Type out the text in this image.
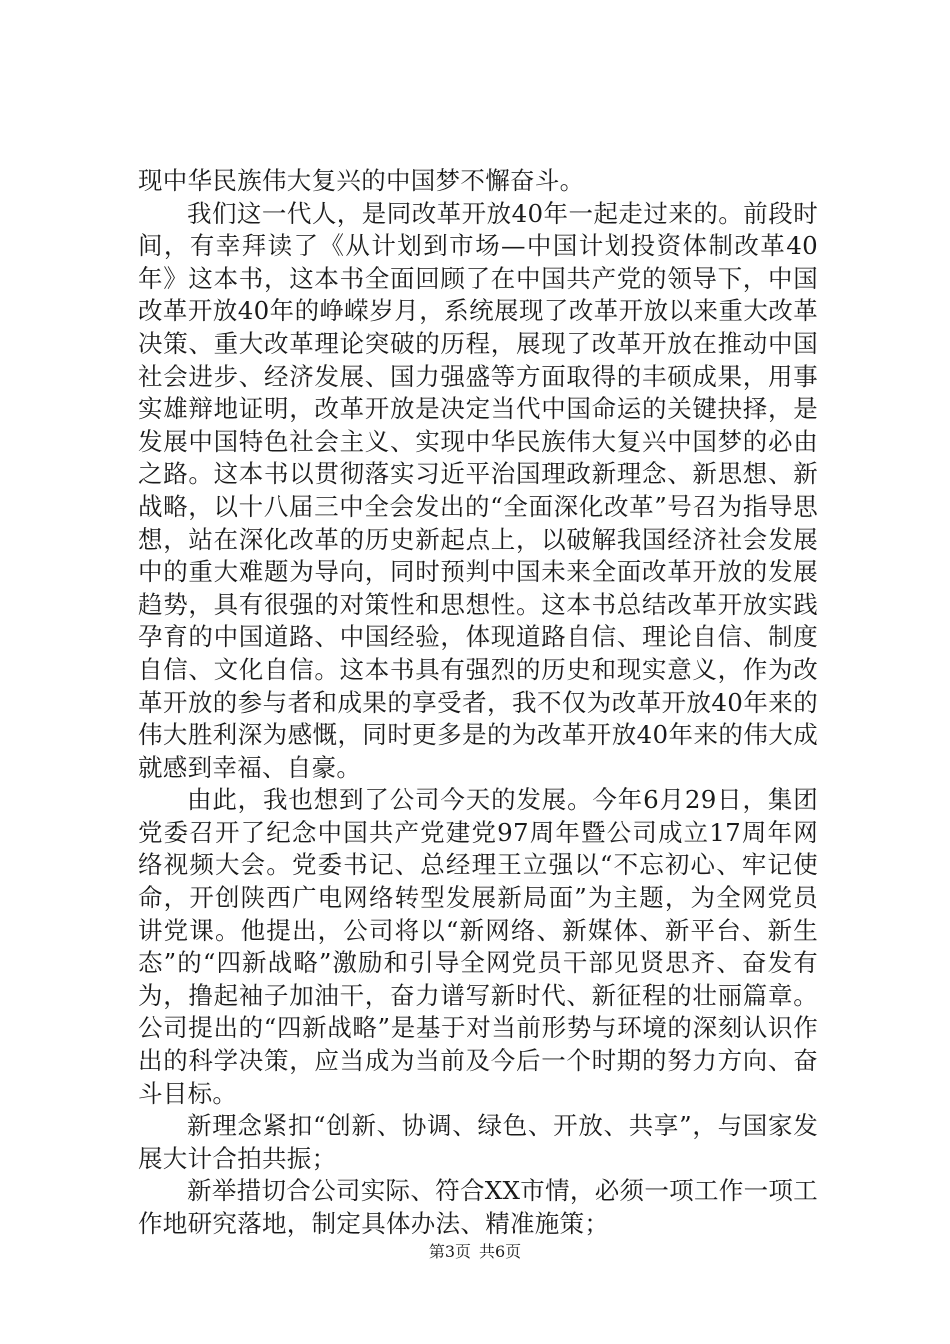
现中华民族伟大复兴的中国梦不懈奋斗。

我们这一代人，是同改革开放40年一起走过来的。前段时间，有幸拜读了《从计划到市场—中国计划投资体制改革40年》这本书，这本书全面回顾了在中国共产党的领导下，中国改革开放40年的峥嵘岁月，系统展现了改革开放以来重大改革决策、重大改革理论突破的历程，展现了改革开放在推动中国社会进步、经济发展、国力强盛等方面取得的丰硕成果，用事实雄辩地证明，改革开放是决定当代中国命运的关键抉择，是发展中国特色社会主义、实现中华民族伟大复兴中国梦的必由之路。这本书以贯彻落实习近平治国理政新理念、新思想、新战略，以十八届三中全会发出的“全面深化改革”号召为指导思想，站在深化改革的历史新起点上，以破解我国经济社会发展中的重大难题为导向，同时预判中国未来全面改革开放的发展趋势，具有很强的对策性和思想性。这本书总结改革开放实践孕育的中国道路、中国经验，体现道路自信、理论自信、制度自信、文化自信。这本书具有强烈的历史和现实意义，作为改革开放的参与者和成果的享受者，我不仅为改革开放40年来的伟大胜利深为感慨，同时更多是的为改革开放40年来的伟大成就感到幸福、自豪。

由此，我也想到了公司今天的发展。今年6月29日，集团党委召开了纪念中国共产党建党97周年暨公司成立17周年网络视频大会。党委书记、总经理王立强以“不忘初心、牢记使命，开创陕西广电网络转型发展新局面”为主题，为全网党员讲党课。他提出，公司将以“新网络、新媒体、新平台、新生态”的“四新战略”激励和引导全网党员干部见贤思齐、奋发有为，撸起袖子加油干，奋力谱写新时代、新征程的壮丽篇章。公司提出的“四新战略”是基于对当前形势与环境的深刻认识作出的科学决策，应当成为当前及今后一个时期的努力方向、奋斗目标。

新理念紧扣“创新、协调、绿色、开放、共享”，与国家发展大计合拍共振；

新举措切合公司实际、符合XX市情，必须一项工作一项工作地研究落地，制定具体办法、精准施策；

第3页 共6页
